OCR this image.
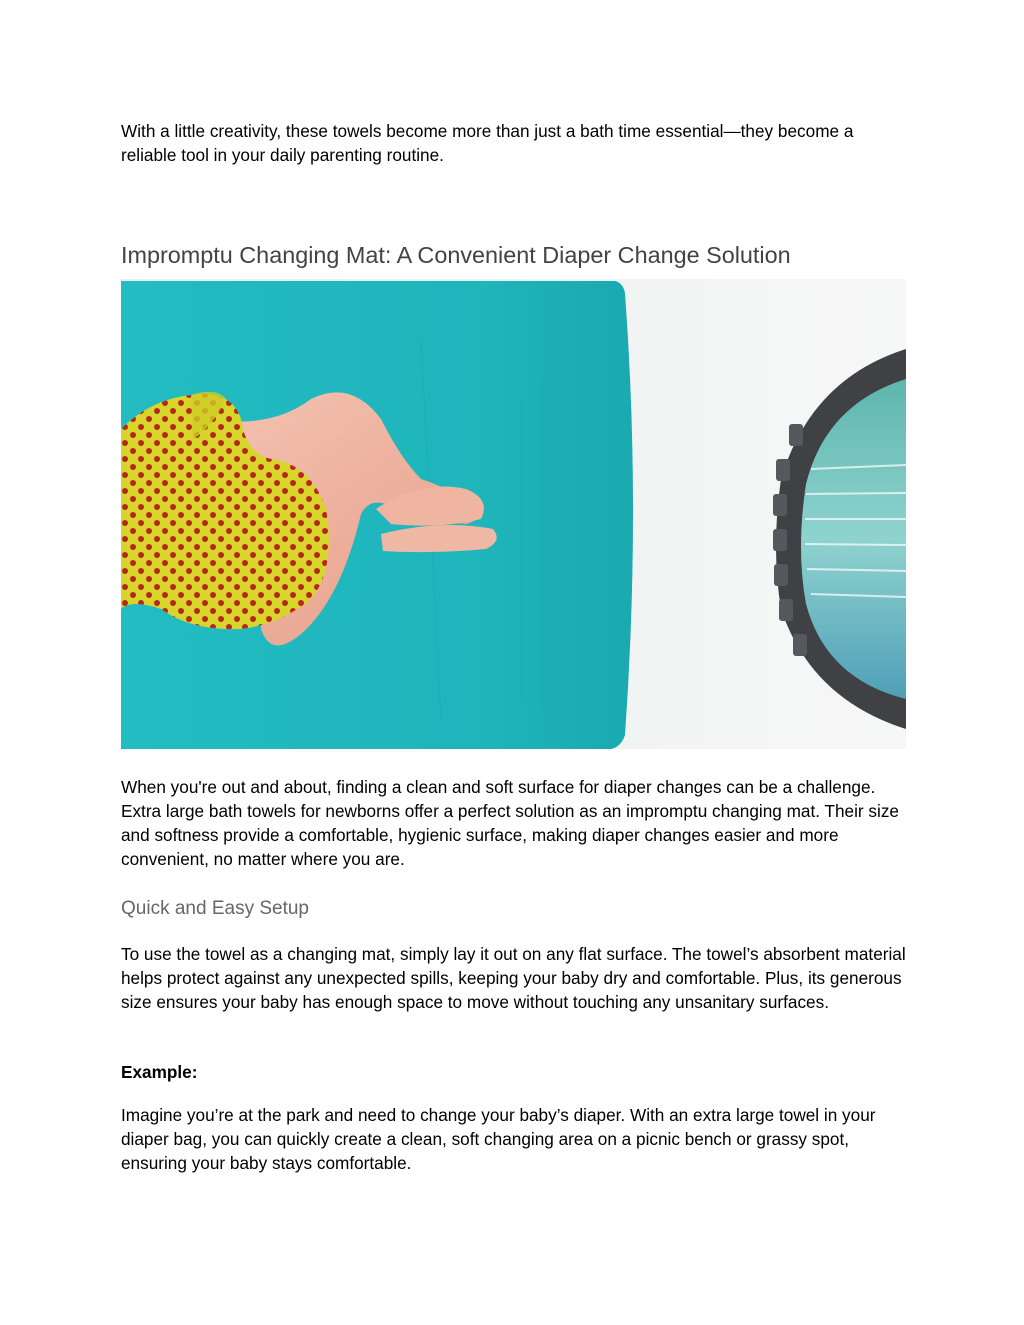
With a little creativity, these towels become more than just a bath time essential—they become a reliable tool in your daily parenting routine.

Impromptu Changing Mat: A Convenient Diaper Change Solution

When you're out and about, finding a clean and soft surface for diaper changes can be a challenge. Extra large bath towels for newborns offer a perfect solution as an impromptu changing mat. Their size and softness provide a comfortable, hygienic surface, making diaper changes easier and more convenient, no matter where you are.

Quick and Easy Setup

To use the towel as a changing mat, simply lay it out on any flat surface. The towel’s absorbent material helps protect against any unexpected spills, keeping your baby dry and comfortable. Plus, its generous size ensures your baby has enough space to move without touching any unsanitary surfaces.

Example:

Imagine you’re at the park and need to change your baby’s diaper. With an extra large towel in your diaper bag, you can quickly create a clean, soft changing area on a picnic bench or grassy spot, ensuring your baby stays comfortable.
